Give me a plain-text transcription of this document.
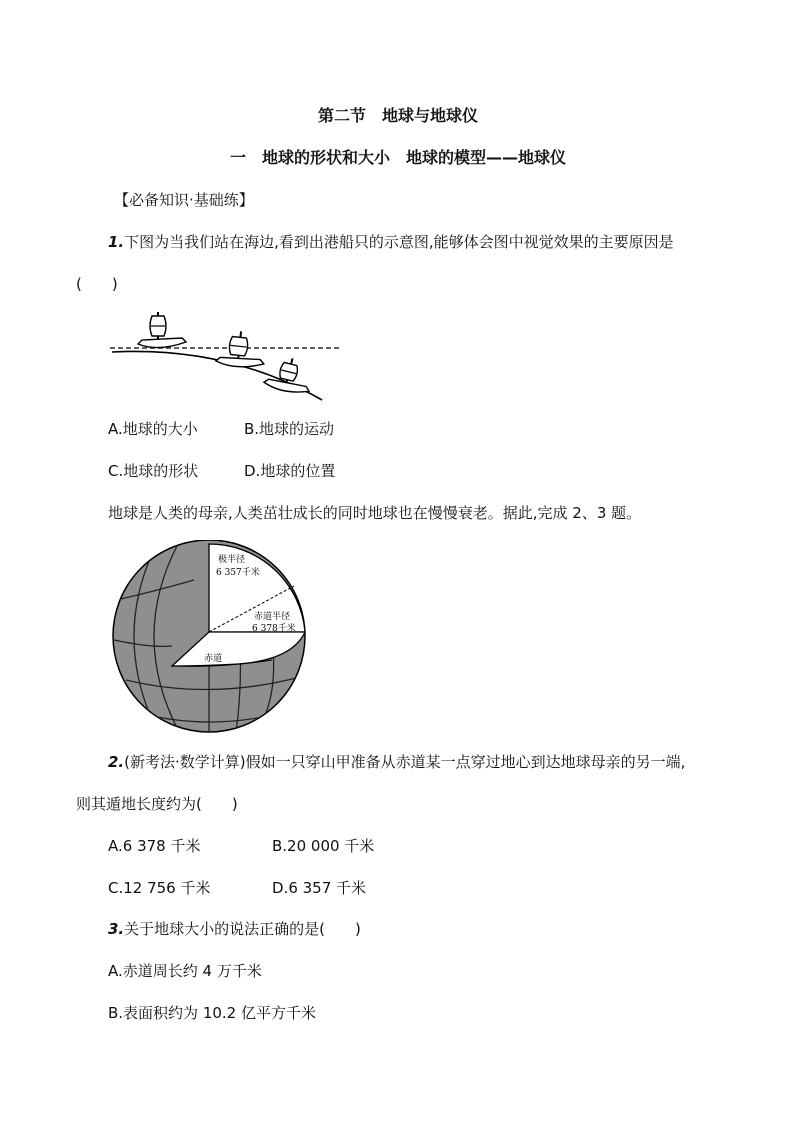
第二节　地球与地球仪
一　地球的形状和大小　地球的模型——地球仪
【必备知识·基础练】
1.下图为当我们站在海边,看到出港船只的示意图,能够体会图中视觉效果的主要原因是
(　　)
A.地球的大小	B.地球的运动
C.地球的形状	D.地球的位置
地球是人类的母亲,人类茁壮成长的同时地球也在慢慢衰老。据此,完成 2、3 题。
极半径
6 357千米
赤道半径
6 378千米
赤道
2.(新考法·数学计算)假如一只穿山甲准备从赤道某一点穿过地心到达地球母亲的另一端,
则其遁地长度约为(　　)
A.6 378 千米	B.20 000 千米
C.12 756 千米	D.6 357 千米
3.关于地球大小的说法正确的是(　　)
A.赤道周长约 4 万千米
B.表面积约为 10.2 亿平方千米
